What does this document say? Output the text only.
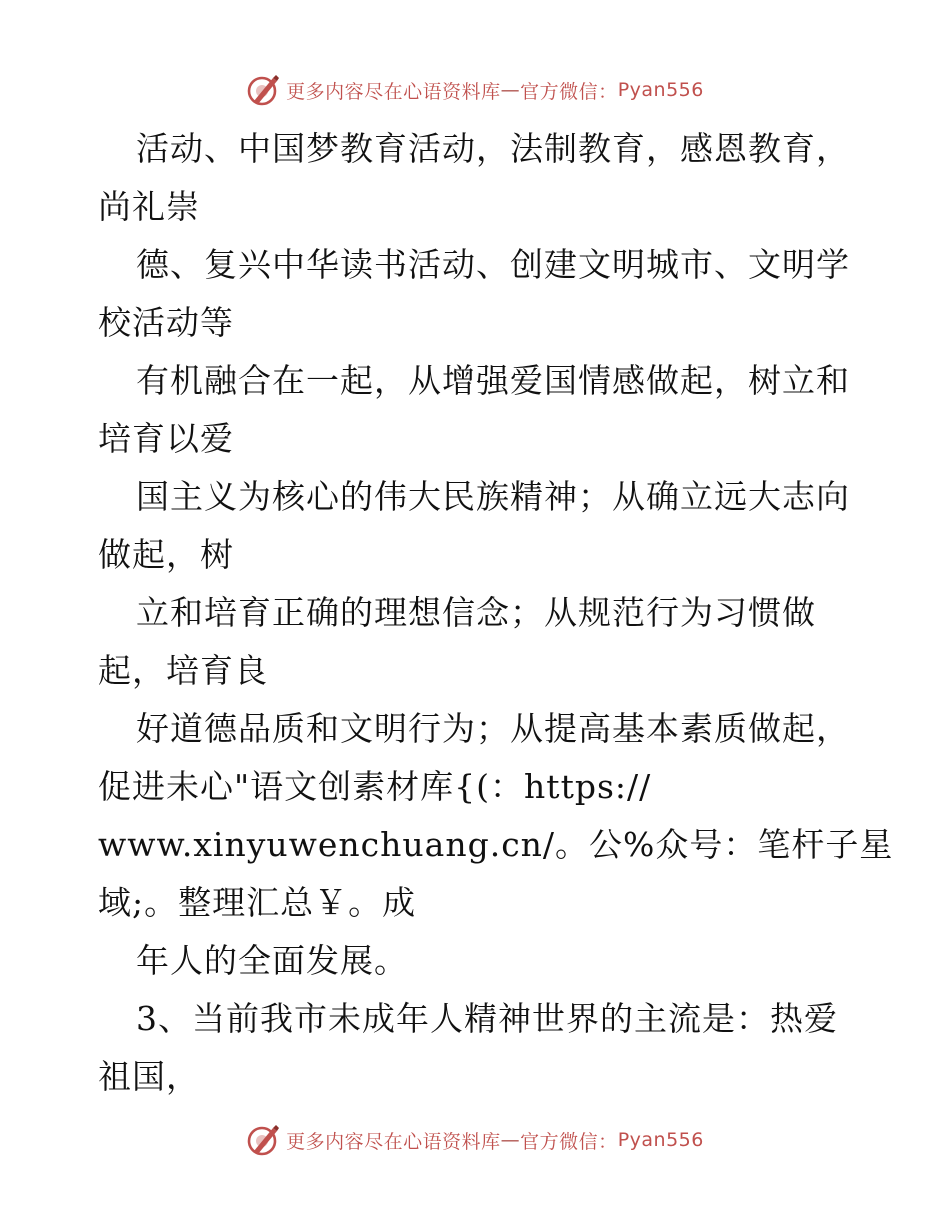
更多内容尽在心语资料库 — 官方微信： Pyan556
活动、中国梦教育活动，法制教育，感恩教育，
尚礼崇
德、复兴中华读书活动、创建文明城市、文明学
校活动等
有机融合在一起，从增强爱国情感做起，树立和
培育以爱
国主义为核心的伟大民族精神；从确立远大志向
做起，树
立和培育正确的理想信念；从规范行为习惯做
起，培育良
好道德品质和文明行为；从提高基本素质做起，
促进未心"语文创素材库{(：https://
www.xinyuwenchuang.cn/。公%众号：笔杆子星
域;。整理汇总￥。成
年人的全面发展。
3、当前我市未成年人精神世界的主流是：热爱
祖国，
更多内容尽在心语资料库 — 官方微信： Pyan556
